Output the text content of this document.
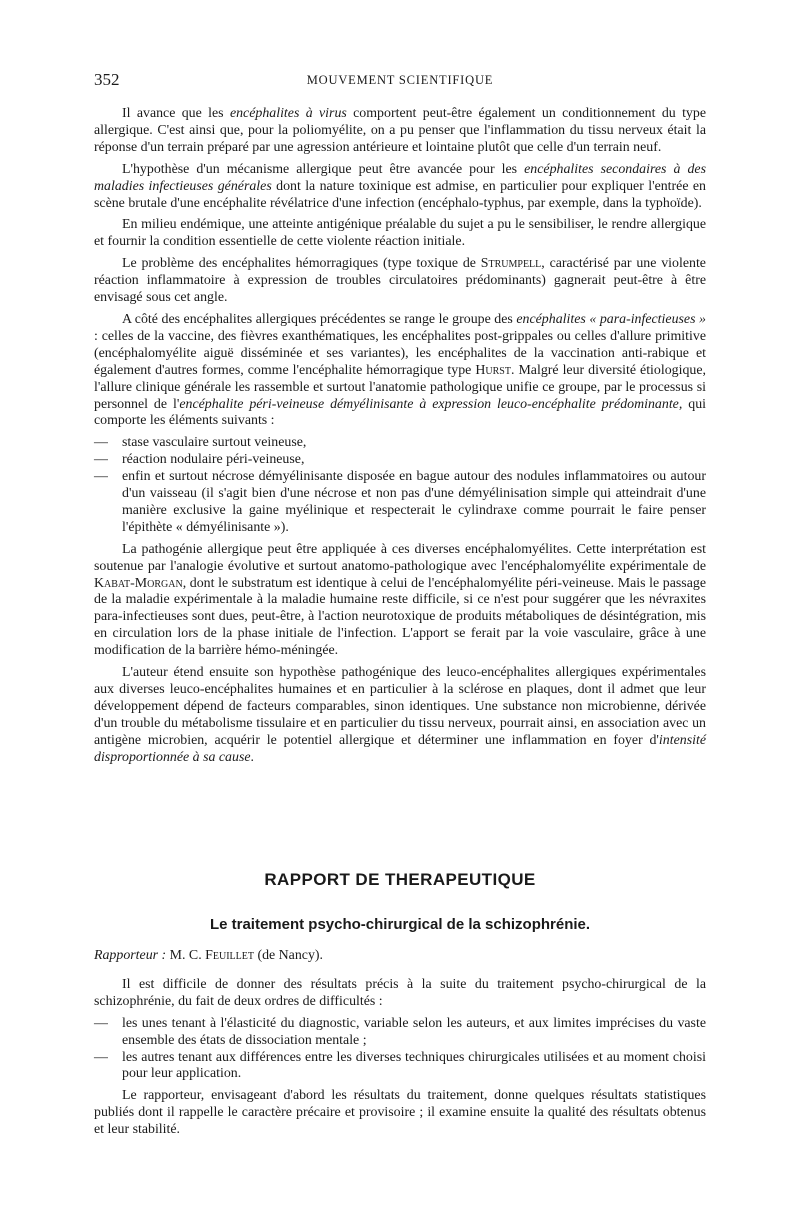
352	MOUVEMENT SCIENTIFIQUE

Il avance que les encéphalites à virus comportent peut-être également un conditionnement du type allergique. C'est ainsi que, pour la poliomyélite, on a pu penser que l'inflammation du tissu nerveux était la réponse d'un terrain préparé par une agression antérieure et lointaine plutôt que celle d'un terrain neuf.

L'hypothèse d'un mécanisme allergique peut être avancée pour les encéphalites secondaires à des maladies infectieuses générales dont la nature toxinique est admise, en particulier pour expliquer l'entrée en scène brutale d'une encéphalite révélatrice d'une infection (encéphalo-typhus, par exemple, dans la typhoïde).

En milieu endémique, une atteinte antigénique préalable du sujet a pu le sensibiliser, le rendre allergique et fournir la condition essentielle de cette violente réaction initiale.

Le problème des encéphalites hémorragiques (type toxique de Strumpell, caractérisé par une violente réaction inflammatoire à expression de troubles circulatoires prédominants) gagnerait peut-être à être envisagé sous cet angle.

A côté des encéphalites allergiques précédentes se range le groupe des encéphalites « para-infectieuses » : celles de la vaccine, des fièvres exanthématiques, les encéphalites post-grippales ou celles d'allure primitive (encéphalomyélite aiguë disséminée et ses variantes), les encéphalites de la vaccination anti-rabique et également d'autres formes, comme l'encéphalite hémorragique type Hurst. Malgré leur diversité étiologique, l'allure clinique générale les rassemble et surtout l'anatomie pathologique unifie ce groupe, par le processus si personnel de l'encéphalite péri-veineuse démyélinisante à expression leuco-encéphalite prédominante, qui comporte les éléments suivants :

— stase vasculaire surtout veineuse,
— réaction nodulaire péri-veineuse,
— enfin et surtout nécrose démyélinisante disposée en bague autour des nodules inflammatoires ou autour d'un vaisseau (il s'agit bien d'une nécrose et non pas d'une démyélinisation simple qui atteindrait d'une manière exclusive la gaine myélinique et respecterait le cylindraxe comme pourrait le faire penser l'épithète « démyélinisante »).

La pathogénie allergique peut être appliquée à ces diverses encéphalomyélites. Cette interprétation est soutenue par l'analogie évolutive et surtout anatomo-pathologique avec l'encéphalomyélite expérimentale de Kabat-Morgan, dont le substratum est identique à celui de l'encéphalomyélite péri-veineuse. Mais le passage de la maladie expérimentale à la maladie humaine reste difficile, si ce n'est pour suggérer que les névraxites para-infectieuses sont dues, peut-être, à l'action neurotoxique de produits métaboliques de désintégration, mis en circulation lors de la phase initiale de l'infection. L'apport se ferait par la voie vasculaire, grâce à une modification de la barrière hémo-méningée.

L'auteur étend ensuite son hypothèse pathogénique des leuco-encéphalites allergiques expérimentales aux diverses leuco-encéphalites humaines et en particulier à la sclérose en plaques, dont il admet que leur développement dépend de facteurs comparables, sinon identiques. Une substance non microbienne, dérivée d'un trouble du métabolisme tissulaire et en particulier du tissu nerveux, pourrait ainsi, en association avec un antigène microbien, acquérir le potentiel allergique et déterminer une inflammation en foyer d'intensité disproportionnée à sa cause.

RAPPORT DE THERAPEUTIQUE
Le traitement psycho-chirurgical de la schizophrénie.

Rapporteur : M. C. Feuillet (de Nancy).

Il est difficile de donner des résultats précis à la suite du traitement psycho-chirurgical de la schizophrénie, du fait de deux ordres de difficultés :

— les unes tenant à l'élasticité du diagnostic, variable selon les auteurs, et aux limites imprécises du vaste ensemble des états de dissociation mentale ;
— les autres tenant aux différences entre les diverses techniques chirurgicales utilisées et au moment choisi pour leur application.

Le rapporteur, envisageant d'abord les résultats du traitement, donne quelques résultats statistiques publiés dont il rappelle le caractère précaire et provisoire ; il examine ensuite la qualité des résultats obtenus et leur stabilité.
